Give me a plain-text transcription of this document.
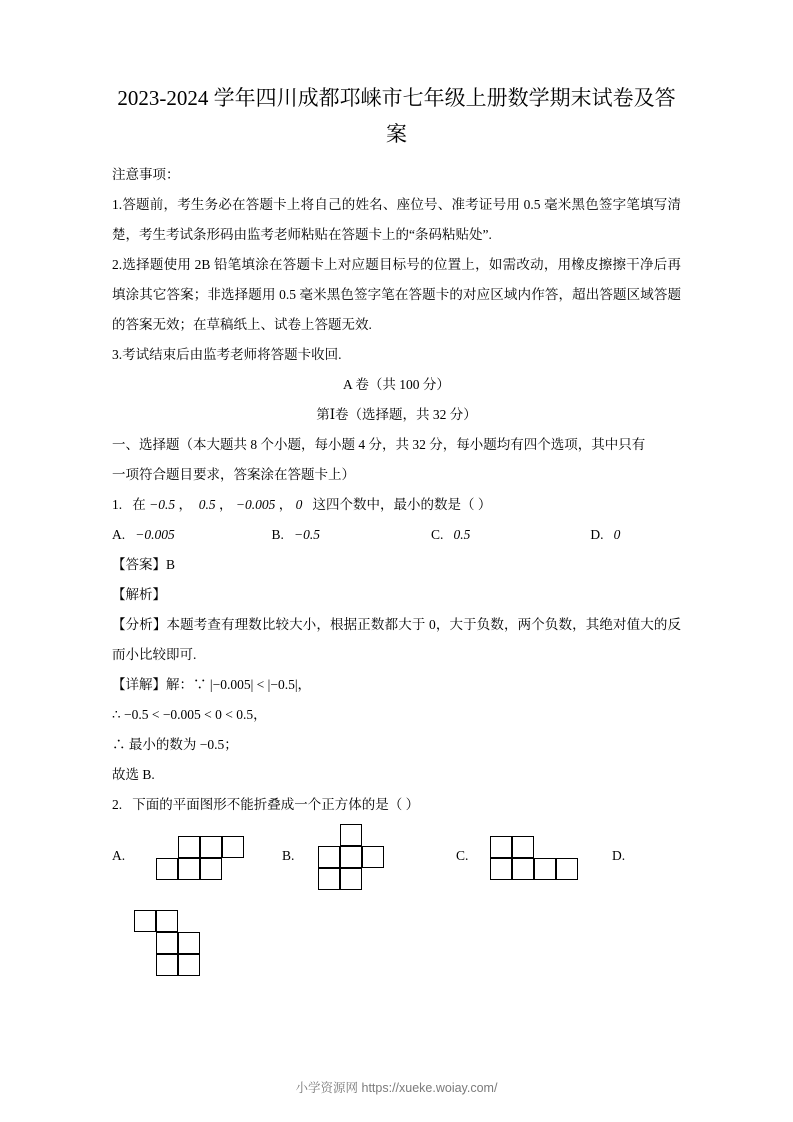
2023-2024 学年四川成都邛崃市七年级上册数学期末试卷及答案

注意事项：

1.答题前，考生务必在答题卡上将自己的姓名、座位号、准考证号用 0.5 毫米黑色签字笔填写清楚，考生考试条形码由监考老师粘贴在答题卡上的“条码粘贴处”.

2.选择题使用 2B 铅笔填涂在答题卡上对应题目标号的位置上，如需改动，用橡皮擦擦干净后再填涂其它答案；非选择题用 0.5 毫米黑色签字笔在答题卡的对应区域内作答，超出答题区域答题的答案无效；在草稿纸上、试卷上答题无效.

3.考试结束后由监考老师将答题卡收回.

A 卷（共 100 分）

第Ⅰ卷（选择题，共 32 分）

一、选择题（本大题共 8 个小题，每小题 4 分，共 32 分，每小题均有四个选项，其中只有

一项符合题目要求，答案涂在答题卡上）

1. 在 −0.5 ，  0.5 ， −0.005 ， 0 这四个数中，最小的数是（ ）

A. −0.005	B. −0.5	C. 0.5	D. 0

【答案】B

【解析】

【分析】本题考查有理数比较大小，根据正数都大于 0，大于负数，两个负数，其绝对值大的反而小比较即可.

【详解】解：∵ |−0.005| < |−0.5|，

∴ −0.5 < −0.005 < 0 < 0.5，

∴ 最小的数为 −0.5；

故选 B.

2. 下面的平面图形不能折叠成一个正方体的是（ ）

A.	B.	C.	D.
小学资源网 https://xueke.woiay.com/
